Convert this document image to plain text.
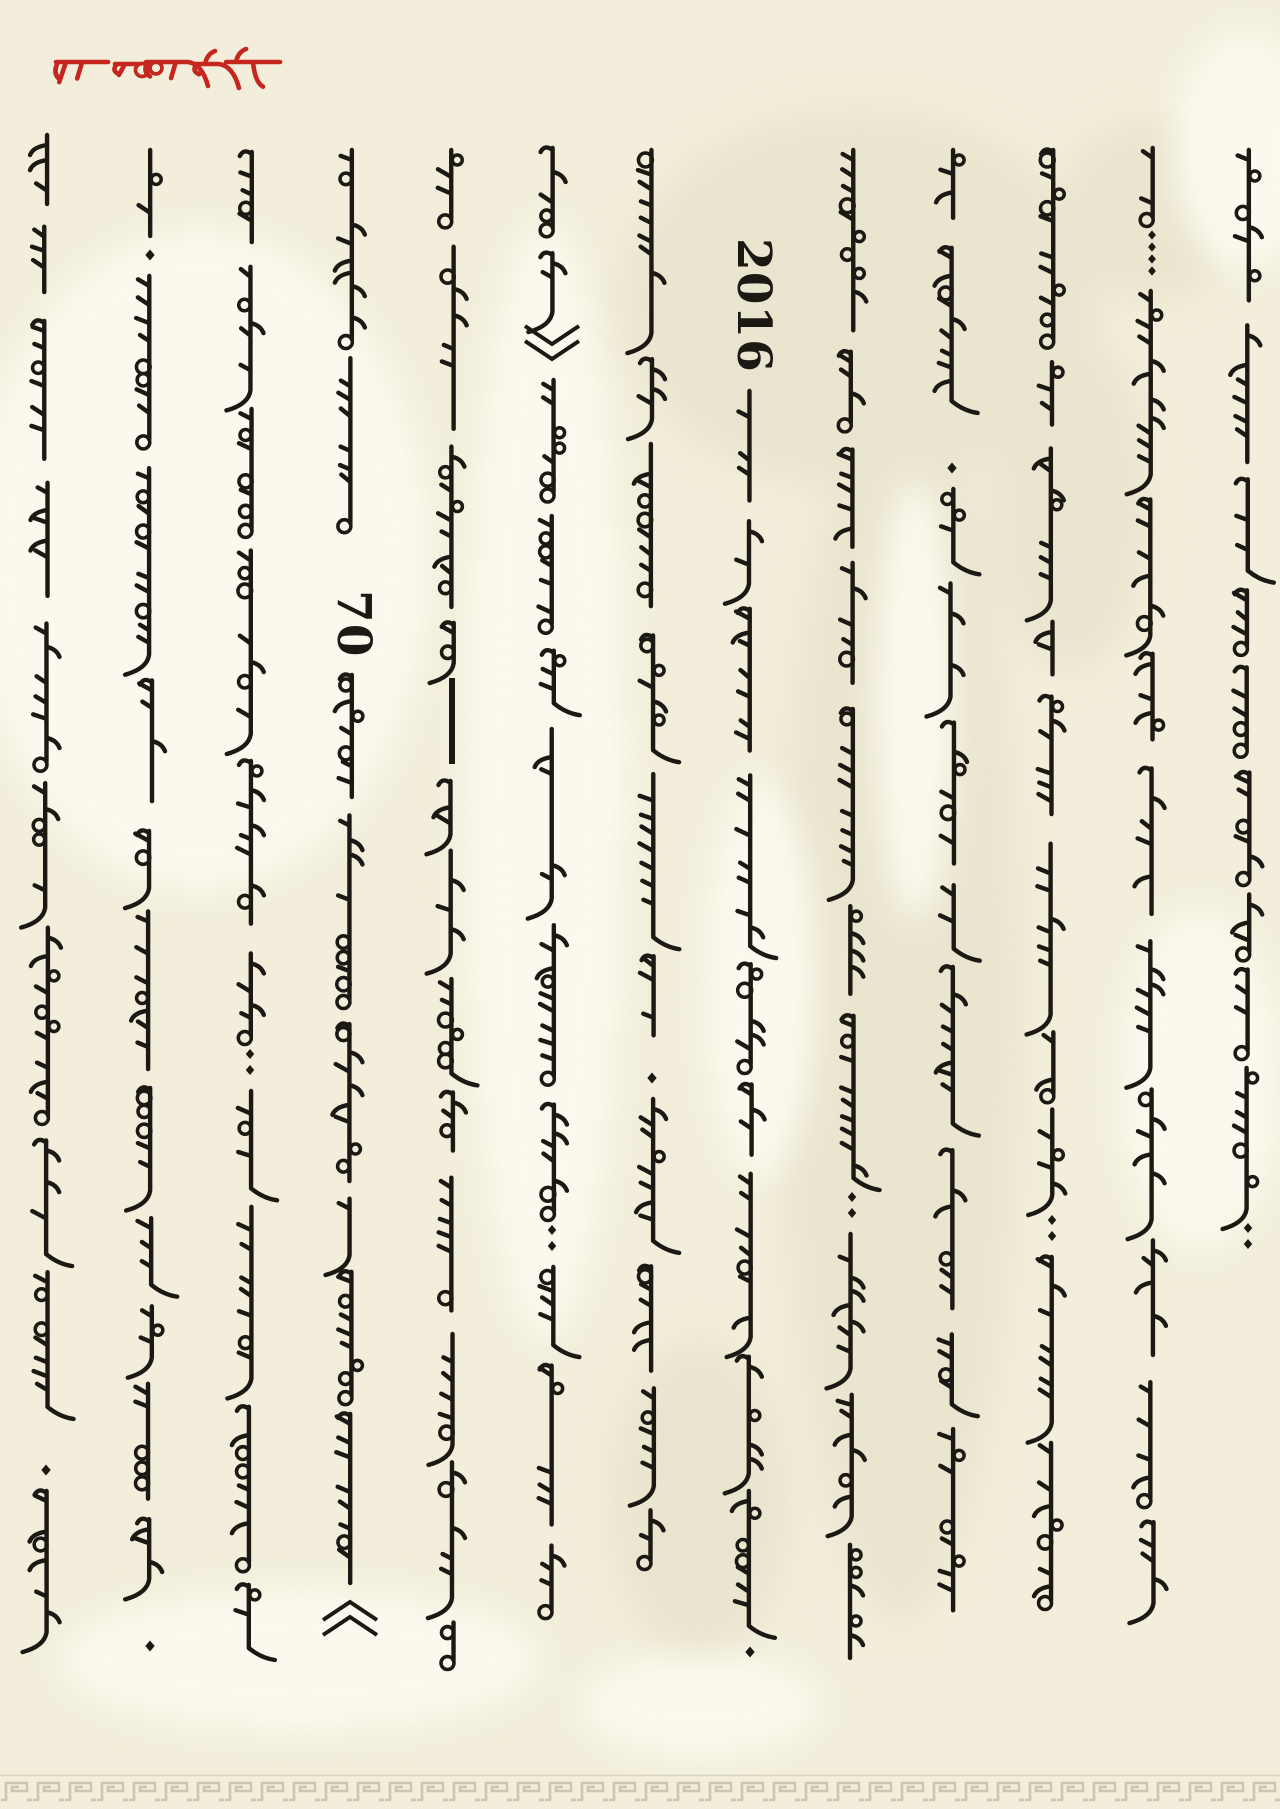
70
2016
